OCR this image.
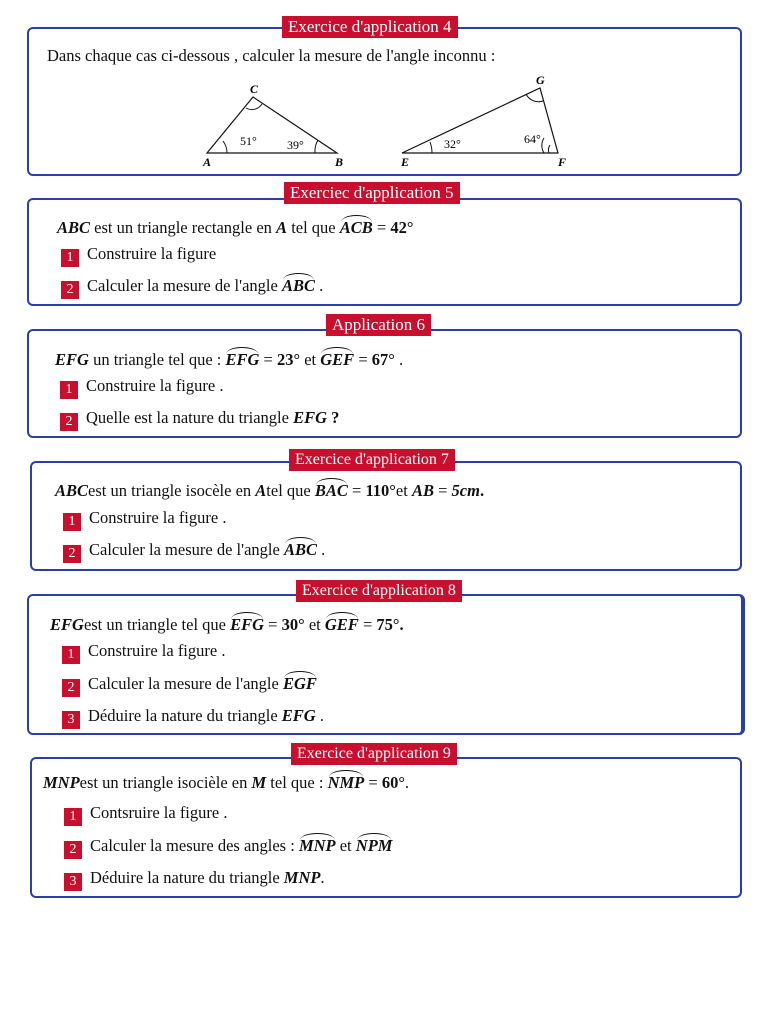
Exercice d'application 4
Dans chaque cas ci-dessous , calculer la mesure de l'angle inconnu :
A	B
C
51°	39°
E	F
G
32°	64°
Exerciec d'application 5
ABC est un triangle rectangle en A tel que ACB = 42°
1 Construire la figure
2 Calculer la mesure de l'angle ABC .
Application 6
EFG un triangle tel que : EFG = 23° et GEF = 67° .
1 Construire la figure .
2 Quelle est la nature du triangle EFG ?
Exercice d'application 7
ABCest un triangle isocèle en Atel que BAC = 110°et AB = 5cm.
1 Construire la figure .
2 Calculer la mesure de l'angle ABC .
Exercice d'application 8
EFGest un triangle tel que EFG = 30° et GEF = 75°.
1 Construire la figure .
2 Calculer la mesure de l'angle EGF
3 Déduire la nature du triangle EFG .
Exercice d'application 9
MNPest un triangle isocièle en M tel que : NMP = 60°.
1 Contsruire la figure .
2 Calculer la mesure des angles : MNP et NPM
3 Déduire la nature du triangle MNP.
